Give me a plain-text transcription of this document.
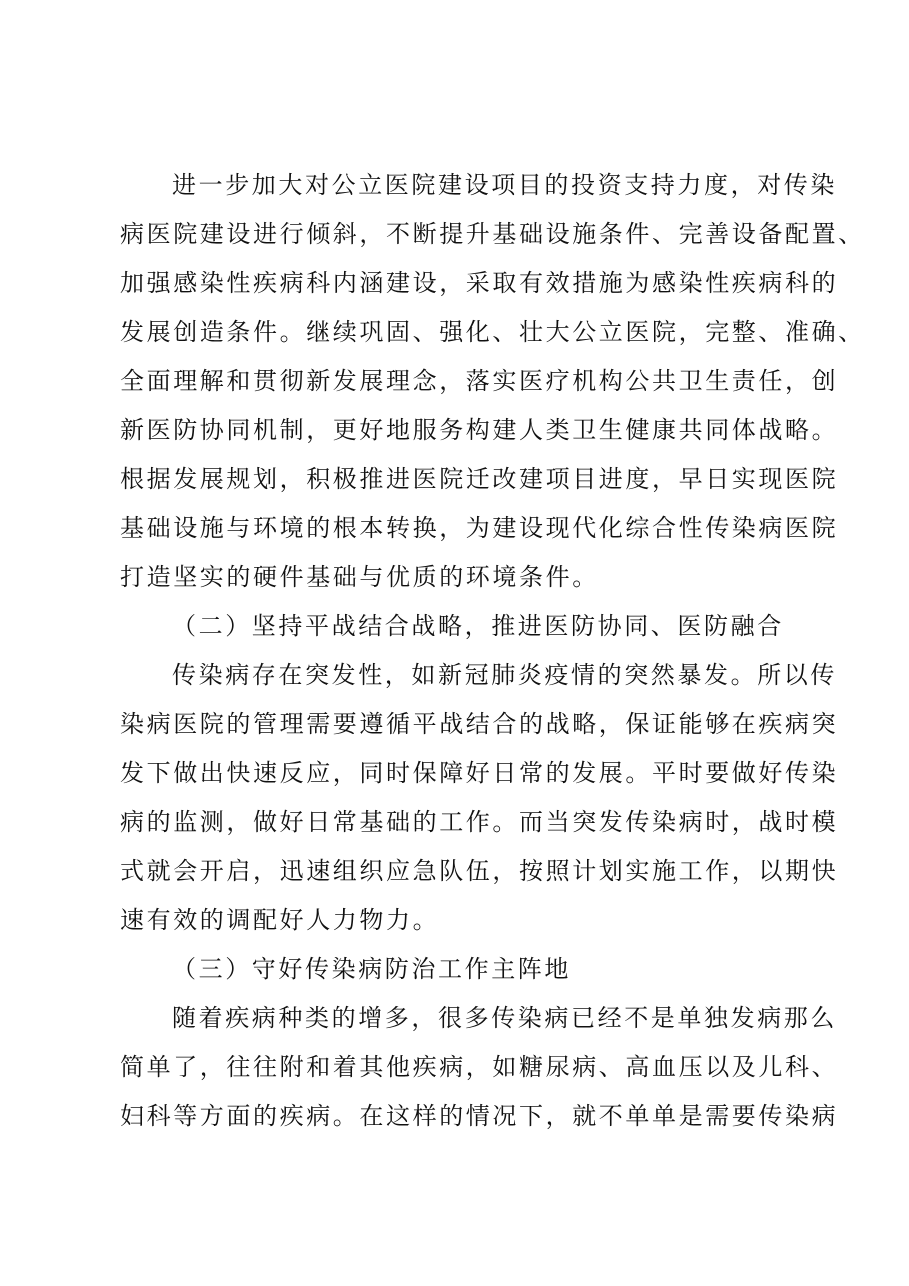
进一步加大对公立医院建设项目的投资支持力度，对传染
病医院建设进行倾斜，不断提升基础设施条件、完善设备配置、
加强感染性疾病科内涵建设，采取有效措施为感染性疾病科的
发展创造条件。继续巩固、强化、壮大公立医院，完整、准确、
全面理解和贯彻新发展理念，落实医疗机构公共卫生责任，创
新医防协同机制，更好地服务构建人类卫生健康共同体战略。
根据发展规划，积极推进医院迁改建项目进度，早日实现医院
基础设施与环境的根本转换，为建设现代化综合性传染病医院
打造坚实的硬件基础与优质的环境条件。
（二）坚持平战结合战略，推进医防协同、医防融合
传染病存在突发性，如新冠肺炎疫情的突然暴发。所以传
染病医院的管理需要遵循平战结合的战略，保证能够在疾病突
发下做出快速反应，同时保障好日常的发展。平时要做好传染
病的监测，做好日常基础的工作。而当突发传染病时，战时模
式就会开启，迅速组织应急队伍，按照计划实施工作，以期快
速有效的调配好人力物力。
（三）守好传染病防治工作主阵地
随着疾病种类的增多，很多传染病已经不是单独发病那么
简单了，往往附和着其他疾病，如糖尿病、高血压以及儿科、
妇科等方面的疾病。在这样的情况下，就不单单是需要传染病
